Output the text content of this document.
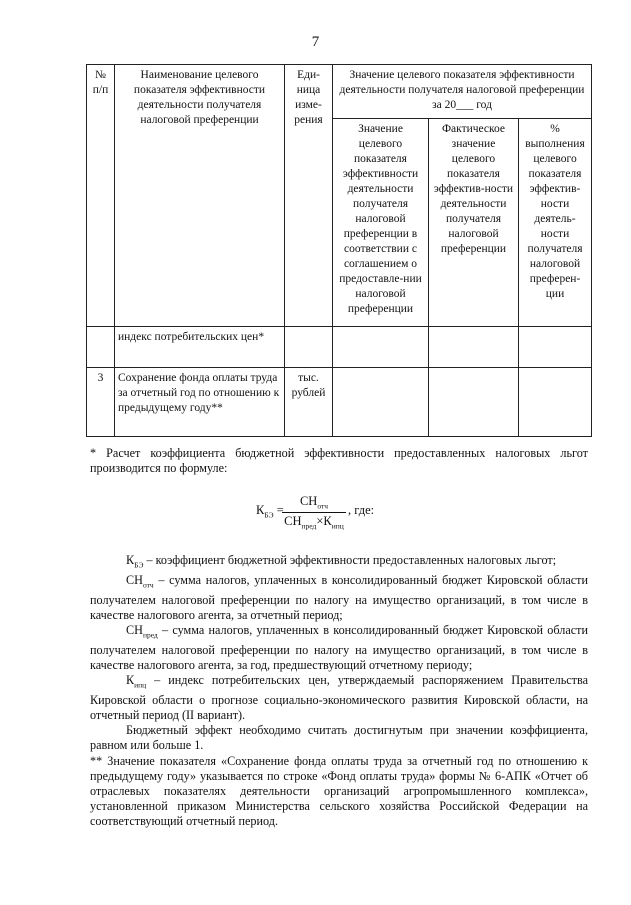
7
№ п/п	Наименование целевого показателя эффективности деятельности получателя налоговой преференции	Еди-ница изме-рения	Значение целевого показателя эффективности деятельности получателя налоговой преференции за 20___ год		
			Значение целевого показателя эффективности деятельности получателя налоговой преференции в соответствии с соглашением о предоставле-нии налоговой преференции	Фактическое значение целевого показателя эффектив-ности деятельности получателя налоговой преференции	% выполнения целевого показателя эффектив-ности деятель-ности получателя налоговой преферен-ции
	индекс потребительских цен*				
3	Сохранение фонда оплаты труда за отчетный год по отношению к предыдущему году**	тыс. рублей			

* Расчет коэффициента бюджетной эффективности предоставленных налоговых льгот производится по формуле:

$К_{БЭ}$ – коэффициент бюджетной эффективности предоставленных налоговых льгот;

$СН_{отч}$ – сумма налогов, уплаченных в консолидированный бюджет Кировской области получателем налоговой преференции по налогу на имущество организаций, в том числе в качестве налогового агента, за отчетный период;

$СН_{пред}$ – сумма налогов, уплаченных в консолидированный бюджет Кировской области получателем налоговой преференции по налогу на имущество организаций, в том числе в качестве налогового агента, за год, предшествующий отчетному периоду;

$К_{ипц}$ – индекс потребительских цен, утверждаемый распоряжением Правительства Кировской области о прогнозе социально-экономического развития Кировской области, на отчетный период (II вариант).

Бюджетный эффект необходимо считать достигнутым при значении коэффициента, равном или больше 1.

** Значение показателя «Сохранение фонда оплаты труда за отчетный год по отношению к предыдущему году» указывается по строке «Фонд оплаты труда» формы № 6-АПК «Отчет об отраслевых показателях деятельности организаций агропромышленного комплекса», установленной приказом Министерства сельского хозяйства Российской Федерации на соответствующий отчетный период.

$К_{БЭ}$ =
$СН_{отч}$
$СН_{пред}\times К_{ипц}$
, где:
